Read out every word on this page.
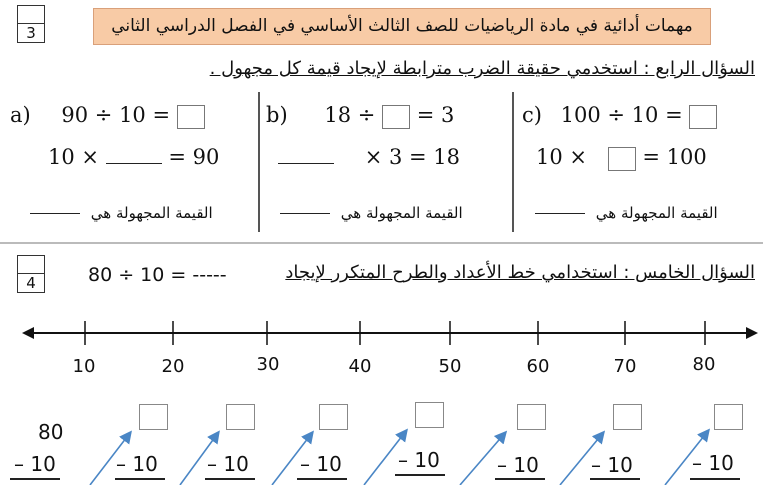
3	مهمات أدائية في مادة الرياضيات للصف الثالث الأساسي في الفصل الدراسي الثاني
السؤال الرابع : استخدمي حقيقة الضرب مترابطة لإيجاد قيمة كل مجهول .
a) 90 ÷ 10 =
10 ×	= 90
القيمة المجهولة هي
b) 18 ÷ = 3
× 3 = 18
القيمة المجهولة هي
c) 100 ÷ 10 =
10 ×	= 100
القيمة المجهولة هي
4	السؤال الخامس : استخدامي خط الأعداد والطرح المتكرر لإيجاد
80 ÷ 10 = -----
10	20	30	40	50	60	70	80
80
– 10	– 10 – 10	– 10	– 10	– 10	– 10	– 10
